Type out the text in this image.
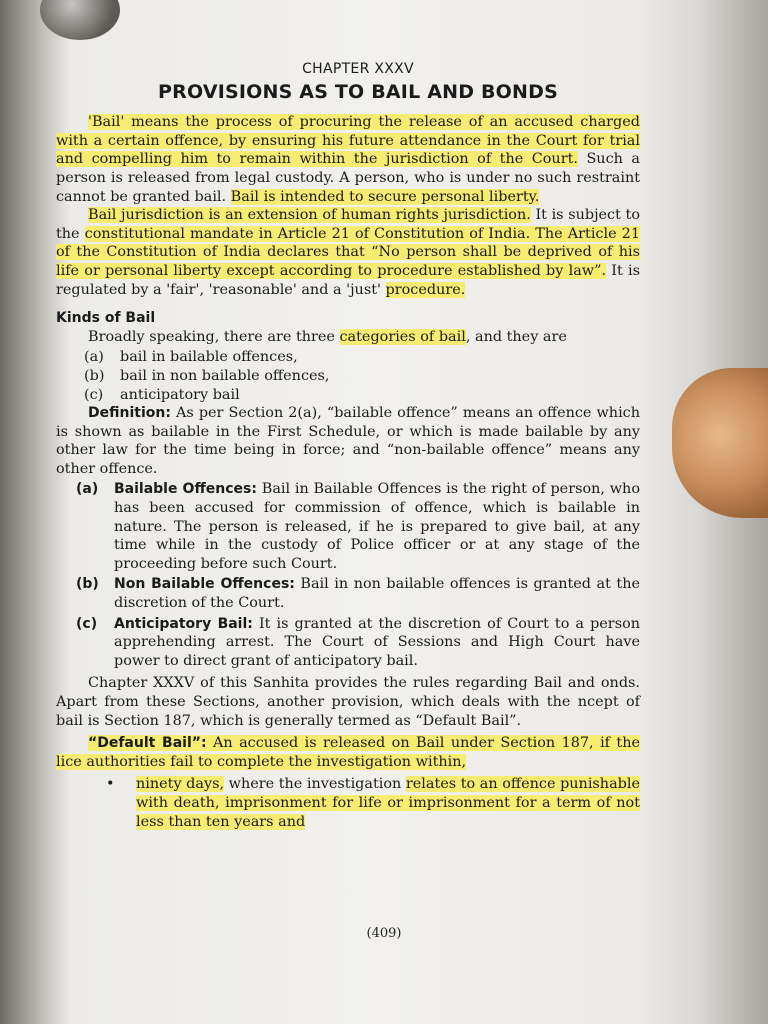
CHAPTER XXXV
PROVISIONS AS TO BAIL AND BONDS

'Bail' means the process of procuring the release of an accused charged with a certain offence, by ensuring his future attendance in the Court for trial and compelling him to remain within the jurisdiction of the Court. Such a person is released from legal custody. A person, who is under no such restraint cannot be granted bail. Bail is intended to secure personal liberty.

Bail jurisdiction is an extension of human rights jurisdiction. It is subject to the constitutional mandate in Article 21 of Constitution of India. The Article 21 of the Constitution of India declares that “No person shall be deprived of his life or personal liberty except according to procedure established by law”. It is regulated by a 'fair', 'reasonable' and a 'just' procedure.

Kinds of Bail

Broadly speaking, there are three categories of bail, and they are

(a)	bail in bailable offences,
(b)	bail in non bailable offences,
(c)	anticipatory bail

Definition: As per Section 2(a), “bailable offence” means an offence which is shown as bailable in the First Schedule, or which is made bailable by any other law for the time being in force; and “non-bailable offence” means any other offence.

(a)	Bailable Offences: Bail in Bailable Offences is the right of person, who has been accused for commission of offence, which is bailable in nature. The person is released, if he is prepared to give bail, at any time while in the custody of Police officer or at any stage of the proceeding before such Court.
(b)	Non Bailable Offences: Bail in non bailable offences is granted at the discretion of the Court.
(c)	Anticipatory Bail: It is granted at the discretion of Court to a person apprehending arrest. The Court of Sessions and High Court have power to direct grant of anticipatory bail.

Chapter XXXV of this Sanhita provides the rules regarding Bail and onds. Apart from these Sections, another provision, which deals with the ncept of bail is Section 187, which is generally termed as “Default Bail”.

“Default Bail”: An accused is released on Bail under Section 187, if the lice authorities fail to complete the investigation within,

•	ninety days, where the investigation relates to an offence punishable with death, imprisonment for life or imprisonment for a term of not less than ten years and
(409)
